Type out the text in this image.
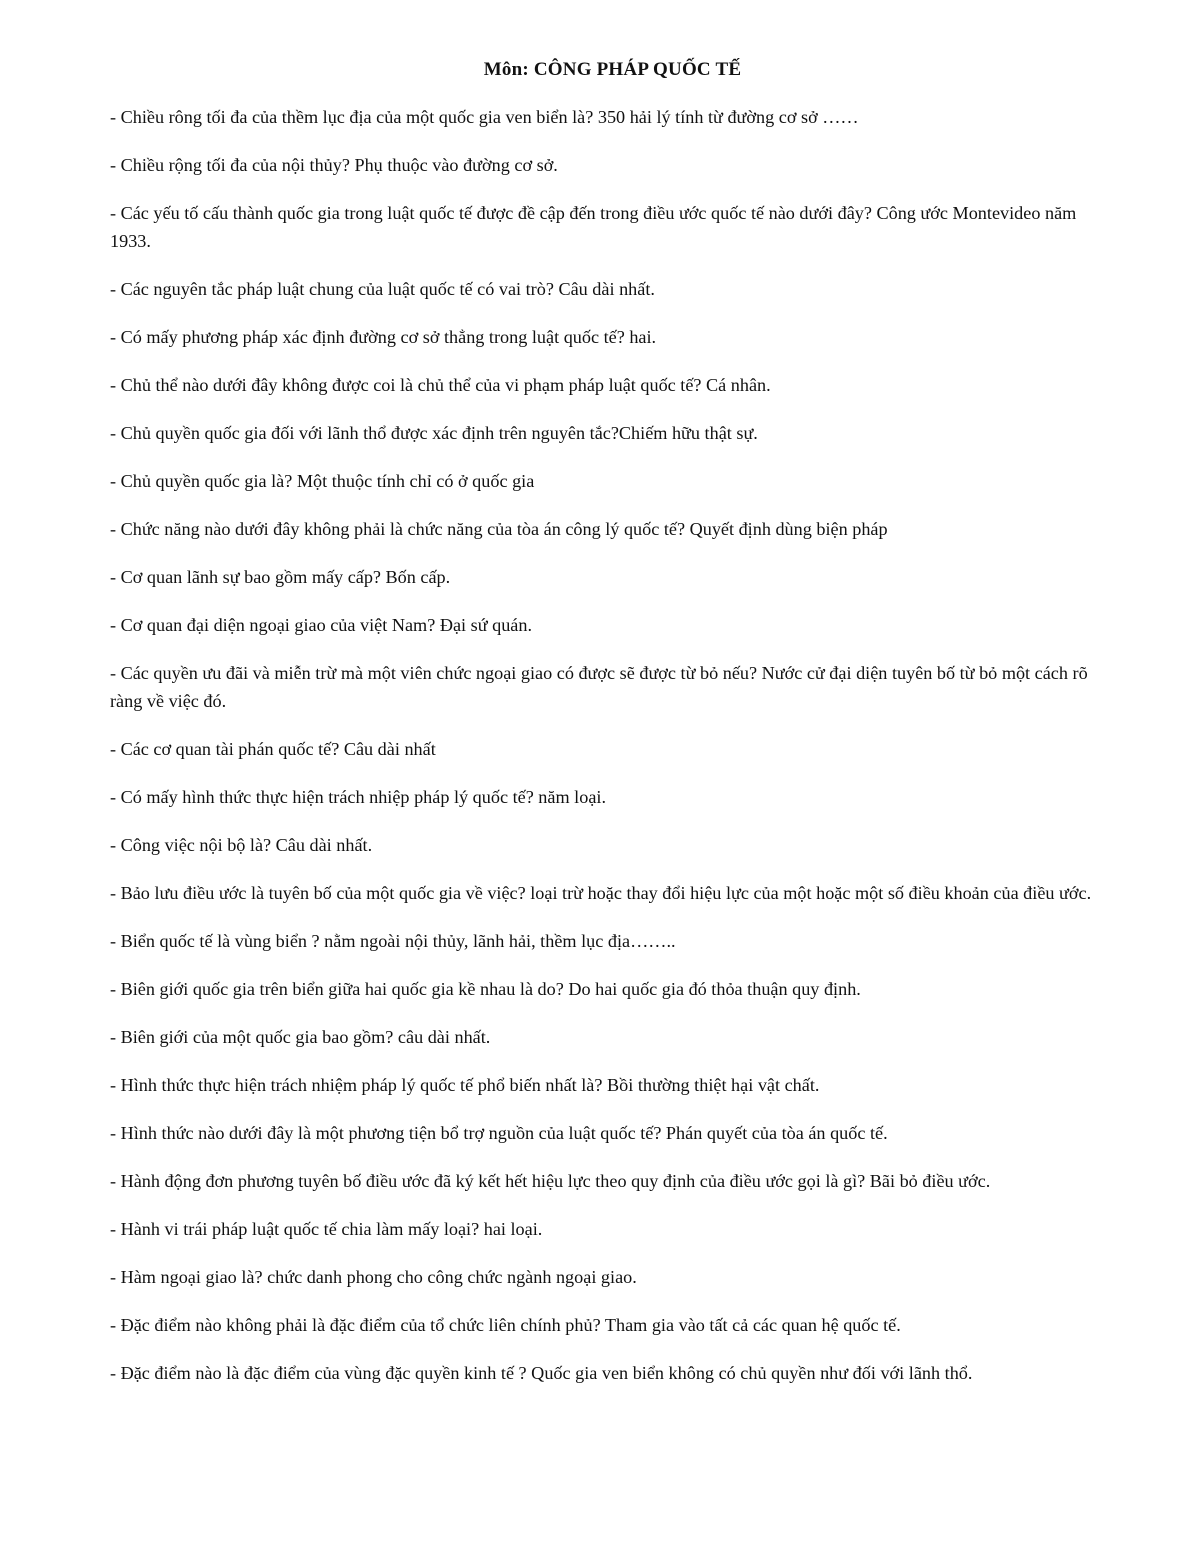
Môn: CÔNG PHÁP QUỐC TẾ
- Chiều rông tối đa của thềm lục địa của một quốc gia ven biển là? 350 hải lý tính từ đường cơ sở ……
- Chiều rộng tối đa của nội thủy? Phụ thuộc vào đường cơ sở.
- Các yếu tố cấu thành quốc gia trong luật quốc tế được đề cập đến trong điều ước quốc tế nào dưới đây? Công ước Montevideo năm 1933.
- Các nguyên tắc pháp luật chung của luật quốc tế có vai trò? Câu dài nhất.
- Có mấy phương pháp xác định đường cơ sở thẳng trong luật quốc tế? hai.
- Chủ thể nào dưới đây không được coi là chủ thể của vi phạm pháp luật quốc tế? Cá nhân.
- Chủ quyền quốc gia đối với lãnh thổ được xác định trên nguyên tắc?Chiếm hữu thật sự.
- Chủ quyền quốc gia là? Một thuộc tính chỉ có ở quốc gia
- Chức năng nào dưới đây không phải là chức năng của tòa án công lý quốc tế? Quyết định dùng biện pháp
- Cơ quan lãnh sự bao gồm mấy cấp? Bốn cấp.
- Cơ quan đại diện ngoại giao của việt Nam? Đại sứ quán.
- Các quyền ưu đãi và miễn trừ mà một viên chức ngoại giao có được sẽ được từ bỏ nếu? Nước cử đại diện tuyên bố từ bỏ một cách rõ ràng về việc đó.
- Các cơ quan tài phán quốc tế? Câu dài nhất
- Có mấy hình thức thực hiện trách nhiệp pháp lý quốc tế? năm loại.
- Công việc nội bộ là? Câu dài nhất.
- Bảo lưu điều ước là tuyên bố của một quốc gia về việc? loại trừ hoặc thay đổi hiệu lực của một hoặc một số điều khoản của điều ước.
- Biển quốc tế là vùng biển ? nằm ngoài nội thủy, lãnh hải, thềm lục địa……..
- Biên giới quốc gia trên biển giữa hai quốc gia kề nhau là do? Do hai quốc gia đó thỏa thuận quy định.
- Biên giới của một quốc gia bao gồm? câu dài nhất.
- Hình thức thực hiện trách nhiệm pháp lý quốc tế phổ biến nhất là? Bồi thường thiệt hại vật chất.
- Hình thức nào dưới đây là một phương tiện bổ trợ nguồn của luật quốc tế? Phán quyết của tòa án quốc tế.
- Hành động đơn phương tuyên bố điều ước đã ký kết hết hiệu lực theo quy định của điều ước gọi là gì? Bãi bỏ điều ước.
- Hành vi trái pháp luật quốc tế chia làm mấy loại? hai loại.
- Hàm ngoại giao là? chức danh phong cho công chức ngành ngoại giao.
- Đặc điểm nào không phải là đặc điểm của tổ chức liên chính phủ? Tham gia vào tất cả các quan hệ quốc tế.
- Đặc điểm nào là đặc điểm của vùng đặc quyền kinh tế ? Quốc gia ven biển không có chủ quyền như đối với lãnh thổ.
